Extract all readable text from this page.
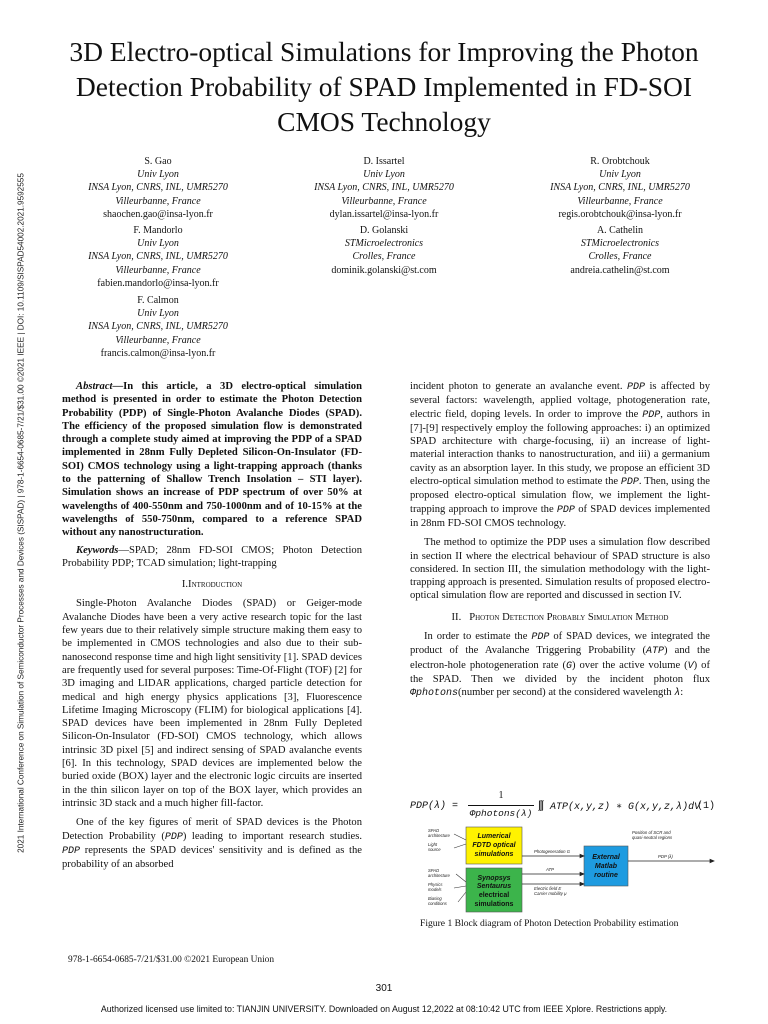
2021 International Conference on Simulation of Semiconductor Processes and Devices (SISPAD) | 978-1-6654-0685-7/21/$31.00 ©2021 IEEE | DOI: 10.1109/SISPAD54002.2021.9592555
3D Electro-optical Simulations for Improving the Photon Detection Probability of SPAD Implemented in FD-SOI CMOS Technology
S. Gao
Univ Lyon
INSA Lyon, CNRS, INL, UMR5270
Villeurbanne, France
shaochen.gao@insa-lyon.fr
D. Issartel
Univ Lyon
INSA Lyon, CNRS, INL, UMR5270
Villeurbanne, France
dylan.issartel@insa-lyon.fr
R. Orobtchouk
Univ Lyon
INSA Lyon, CNRS, INL, UMR5270
Villeurbanne, France
regis.orobtchouk@insa-lyon.fr
F. Mandorlo
Univ Lyon
INSA Lyon, CNRS, INL, UMR5270
Villeurbanne, France
fabien.mandorlo@insa-lyon.fr
D. Golanski
STMicroelectronics
Crolles, France
dominik.golanski@st.com
A. Cathelin
STMicroelectronics
Crolles, France
andreia.cathelin@st.com
F. Calmon
Univ Lyon
INSA Lyon, CNRS, INL, UMR5270
Villeurbanne, France
francis.calmon@insa-lyon.fr

Abstract—In this article, a 3D electro-optical simulation method is presented in order to estimate the Photon Detection Probability (PDP) of Single-Photon Avalanche Diodes (SPAD). The efficiency of the proposed simulation flow is demonstrated through a complete study aimed at improving the PDP of a SPAD implemented in 28nm Fully Depleted Silicon-On-Insulator (FD-SOI) CMOS technology using a light-trapping approach (thanks to the patterning of Shallow Trench Insolation – STI layer). Simulation shows an increase of PDP spectrum of over 50% at wavelengths of 400-550nm and 750-1000nm and of 10-15% at the wavelengths of 550-750nm, compared to a reference SPAD without any nanostructuration.

Keywords—SPAD; 28nm FD-SOI CMOS; Photon Detection Probability PDP; TCAD simulation; light-trapping

I.Introduction

Single-Photon Avalanche Diodes (SPAD) or Geiger-mode Avalanche Diodes have been a very active research topic for the last few years due to their relatively simple structure making them easy to be implemented in CMOS technologies and also due to their sub-nanosecond response time and high light sensitivity [1]. SPAD devices are frequently used for several purposes: Time-Of-Flight (TOF) [2] for 3D imaging and LIDAR applications, charged particle detection for medical and high energy physics applications [3], Fluorescence Lifetime Imaging Microscopy (FLIM) for biological applications [4]. SPAD devices have been implemented in 28nm Fully Depleted Silicon-On-Insulator (FD-SOI) CMOS technology, which allows intrinsic 3D pixel [5] and indirect sensing of SPAD avalanche events [6]. In this technology, SPAD devices are implemented below the buried oxide (BOX) layer and the electronic logic circuits are inserted in the thin silicon layer on top of the BOX layer, which provides an intrinsic 3D stack and a much higher fill-factor.

One of the key figures of merit of SPAD devices is the Photon Detection Probability (PDP) leading to important research studies. PDP represents the SPAD devices' sensitivity and is defined as the probability of an absorbed

incident photon to generate an avalanche event. PDP is affected by several factors: wavelength, applied voltage, photogeneration rate, electric field, doping levels. In order to improve the PDP, authors in [7]-[9] respectively employ the following approaches: i) an optimized SPAD architecture with charge-focusing, ii) an increase of light-material interaction thanks to nanostructuration, and iii) a germanium cavity as an absorption layer. In this study, we propose an efficient 3D electro-optical simulation method to estimate the PDP. Then, using the proposed electro-optical simulation flow, we implement the light-trapping approach to improve the PDP of SPAD devices implemented in 28nm FD-SOI CMOS technology.

The method to optimize the PDP uses a simulation flow described in section II where the electrical behaviour of SPAD structure is also considered. In section III, the simulation methodology with the light-trapping approach is presented. Simulation results of proposed electro-optical simulation flow are reported and discussed in section IV.

II. Photon Detection Probably Simulation Method

In order to estimate the PDP of SPAD devices, we integrated the product of the Avalanche Triggering Probability (ATP) and the electron-hole photogeneration rate (G) over the active volume (V) of the SPAD. Then we divided by the incident photon flux Φphotons(number per second) at the considered wavelength λ:

PDP(λ) =
1
Φphotons(λ)
∭ ATP(x,y,z) ∗ G(x,y,z,λ)dV
(1)
SPAD
architecture
Light
source
SPAD
architecture
Physics
models
Biasing
conditions
Lumerical
FDTD optical
simulations
Synopsys
Sentaurus
electrical
simulations
External
Matlab
routine
Photogeneration G
ATP
Electric field E
Carrier mobility μ
Position of SCR and
quasi-neutral regions
PDP (λ)
Figure 1 Block diagram of Photon Detection Probability estimation
978-1-6654-0685-7/21/$31.00 ©2021 European Union
301
Authorized licensed use limited to: TIANJIN UNIVERSITY. Downloaded on August 12,2022 at 08:10:42 UTC from IEEE Xplore. Restrictions apply.
